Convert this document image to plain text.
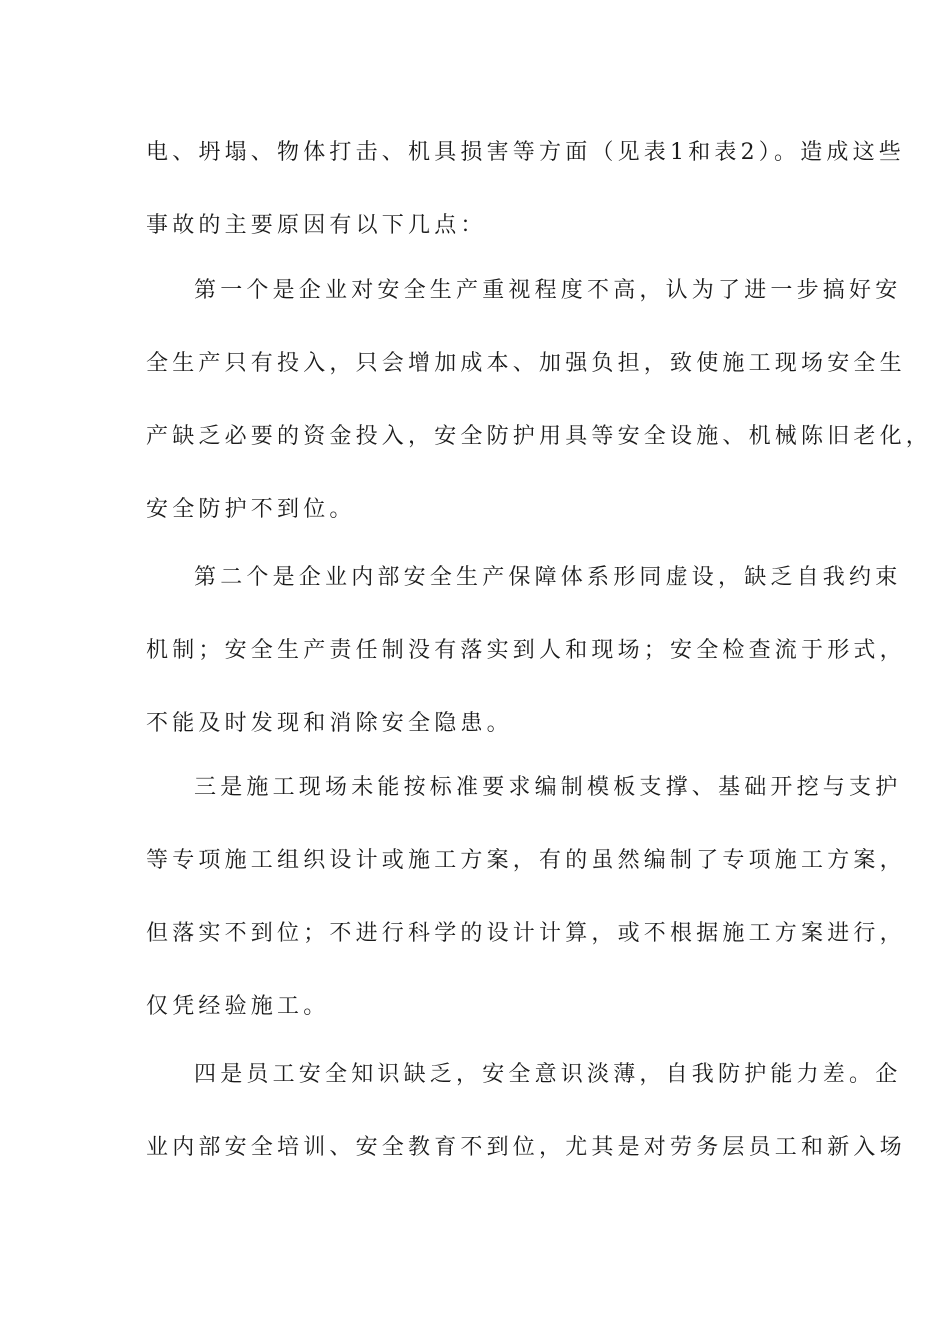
电、坍塌、物体打击、机具损害等方面（见表1和表2）。造成这些
事故的主要原因有以下几点：
第一个是企业对安全生产重视程度不高，认为了进一步搞好安
全生产只有投入，只会增加成本、加强负担，致使施工现场安全生
产缺乏必要的资金投入，安全防护用具等安全设施、机械陈旧老化，
安全防护不到位。
第二个是企业内部安全生产保障体系形同虚设，缺乏自我约束
机制；安全生产责任制没有落实到人和现场；安全检查流于形式，
不能及时发现和消除安全隐患。
三是施工现场未能按标准要求编制模板支撑、基础开挖与支护
等专项施工组织设计或施工方案，有的虽然编制了专项施工方案，
但落实不到位；不进行科学的设计计算，或不根据施工方案进行，
仅凭经验施工。
四是员工安全知识缺乏，安全意识淡薄，自我防护能力差。企
业内部安全培训、安全教育不到位，尤其是对劳务层员工和新入场
